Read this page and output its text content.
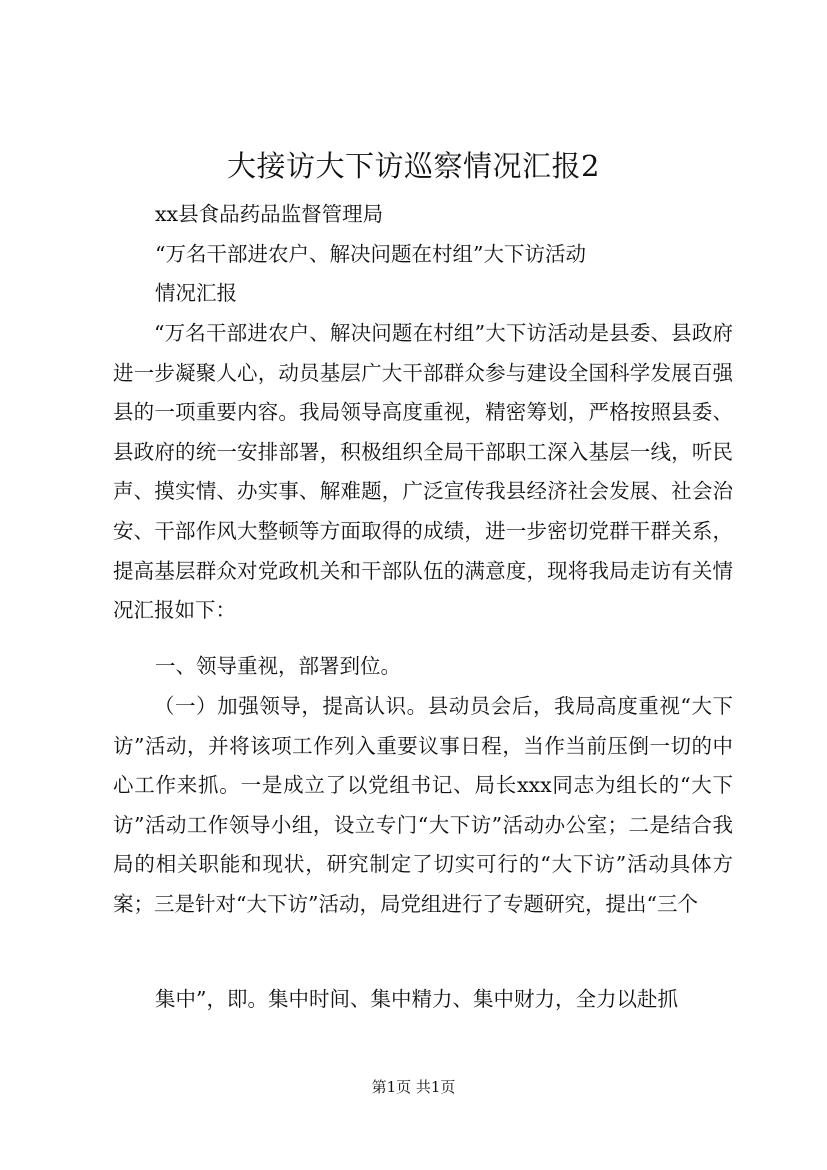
大接访大下访巡察情况汇报2
xx县食品药品监督管理局
“万名干部进农户、解决问题在村组”大下访活动
情况汇报

“万名干部进农户、解决问题在村组”大下访活动是县委、县政府进一步凝聚人心，动员基层广大干部群众参与建设全国科学发展百强县的一项重要内容。我局领导高度重视，精密筹划，严格按照县委、县政府的统一安排部署，积极组织全局干部职工深入基层一线，听民声、摸实情、办实事、解难题，广泛宣传我县经济社会发展、社会治安、干部作风大整顿等方面取得的成绩，进一步密切党群干群关系，提高基层群众对党政机关和干部队伍的满意度，现将我局走访有关情况汇报如下：

一、领导重视，部署到位。

（一）加强领导，提高认识。县动员会后，我局高度重视“大下访”活动，并将该项工作列入重要议事日程，当作当前压倒一切的中心工作来抓。一是成立了以党组书记、局长xxx同志为组长的“大下访”活动工作领导小组，设立专门“大下访”活动办公室；二是结合我局的相关职能和现状，研究制定了切实可行的“大下访”活动具体方案；三是针对“大下访”活动，局党组进行了专题研究，提出“三个

集中”，即。集中时间、集中精力、集中财力，全力以赴抓
第1页 共1页
